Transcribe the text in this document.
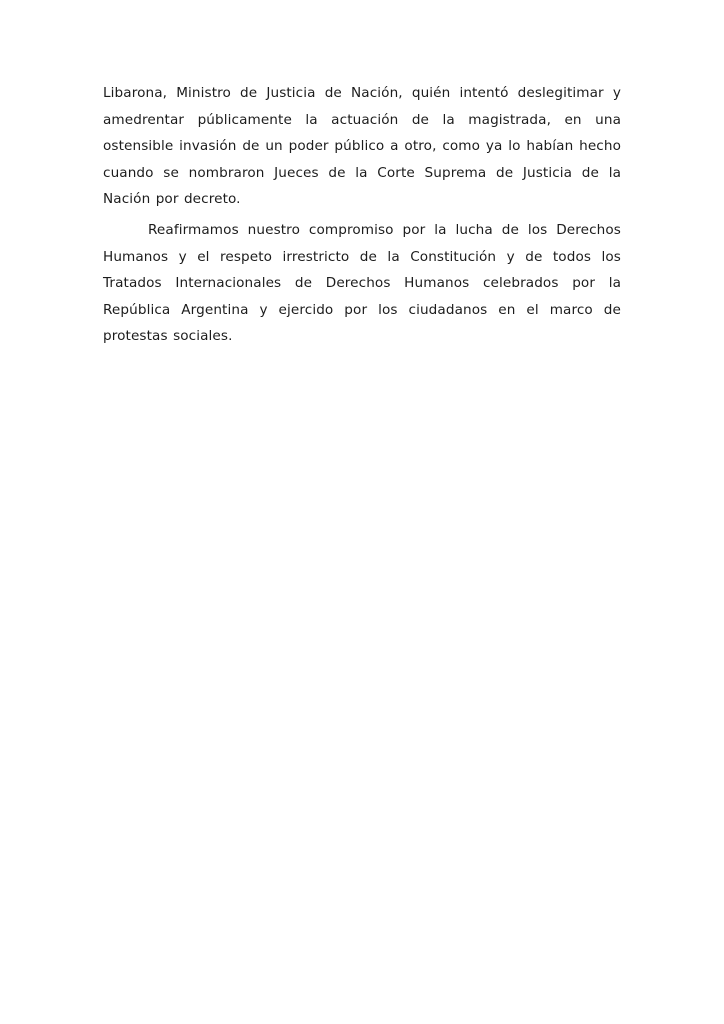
Libarona, Ministro de Justicia de Nación, quién intentó deslegitimar y amedrentar públicamente la actuación de la magistrada, en una ostensible invasión de un poder público a otro, como ya lo habían hecho cuando se nombraron Jueces de la Corte Suprema de Justicia de la Nación por decreto.

Reafirmamos nuestro compromiso por la lucha de los Derechos Humanos y el respeto irrestricto de la Constitución y de todos los Tratados Internacionales de Derechos Humanos celebrados por la República Argentina y ejercido por los ciudadanos en el marco de protestas sociales.
